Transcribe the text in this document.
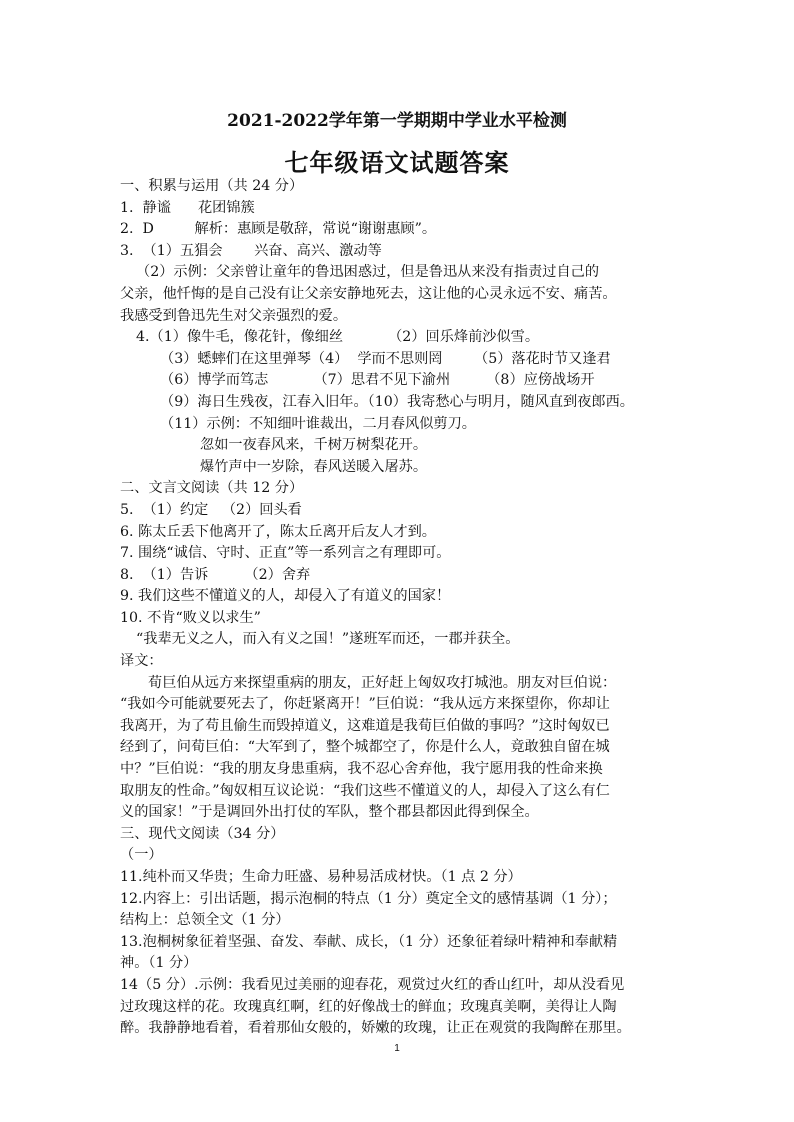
2021-2022学年第一学期期中学业水平检测
七年级语文试题答案
一、积累与运用（共 24 分）
1.  静谧      花团锦簇
2.  D         解析：惠顾是敬辞，常说“谢谢惠顾”。
3.  （1）五猖会       兴奋、高兴、激动等
（2）示例：父亲曾让童年的鲁迅困惑过，但是鲁迅从来没有指责过自己的
父亲，他忏悔的是自己没有让父亲安静地死去，这让他的心灵永远不安、痛苦。
我感受到鲁迅先生对父亲强烈的爱。
4.（1）像牛毛，像花针，像细丝          （2）回乐烽前沙似雪。
（3）蟋蟀们在这里弹琴（4）  学而不思则罔       （5）落花时节又逢君
（6）博学而笃志          （7）思君不见下渝州        （8）应傍战场开
（9）海日生残夜，江春入旧年。（10）我寄愁心与明月，随风直到夜郎西。
（11）示例：不知细叶谁裁出，二月春风似剪刀。
忽如一夜春风来，千树万树梨花开。
爆竹声中一岁除，春风送暖入屠苏。
二、文言文阅读（共 12 分）
5.  （1）约定   （2）回头看
6. 陈太丘丢下他离开了，陈太丘离开后友人才到。
7. 围绕“诚信、守时、正直”等一系列言之有理即可。
8.  （1）告诉        （2）舍弃
9. 我们这些不懂道义的人，却侵入了有道义的国家！
10. 不肯“败义以求生”
“我辈无义之人，而入有义之国！”遂班军而还，一郡并获全。
译文：
荀巨伯从远方来探望重病的朋友，正好赶上匈奴攻打城池。朋友对巨伯说：
“我如今可能就要死去了，你赶紧离开！”巨伯说：“我从远方来探望你，你却让
我离开，为了苟且偷生而毁掉道义，这难道是我荀巨伯做的事吗？”这时匈奴已
经到了，问荀巨伯：“大军到了，整个城都空了，你是什么人，竟敢独自留在城
中？”巨伯说：“我的朋友身患重病，我不忍心舍弃他，我宁愿用我的性命来换
取朋友的性命。”匈奴相互议论说：“我们这些不懂道义的人，却侵入了这么有仁
义的国家！”于是调回外出打仗的军队，整个郡县都因此得到保全。
三、现代文阅读（34 分）
（一）
11.纯朴而又华贵；生命力旺盛、易种易活成材快。（1 点 2 分）
12.内容上：引出话题，揭示泡桐的特点（1 分）奠定全文的感情基调（1 分）；
结构上：总领全文（1 分）
13.泡桐树象征着坚强、奋发、奉献、成长，（1 分）还象征着绿叶精神和奉献精
神。（1 分）
14（5 分）.示例：我看见过美丽的迎春花，观赏过火红的香山红叶，却从没看见
过玫瑰这样的花。玫瑰真红啊，红的好像战士的鲜血；玫瑰真美啊，美得让人陶
醉。我静静地看着，看着那仙女般的，娇嫩的玫瑰，让正在观赏的我陶醉在那里。
1
